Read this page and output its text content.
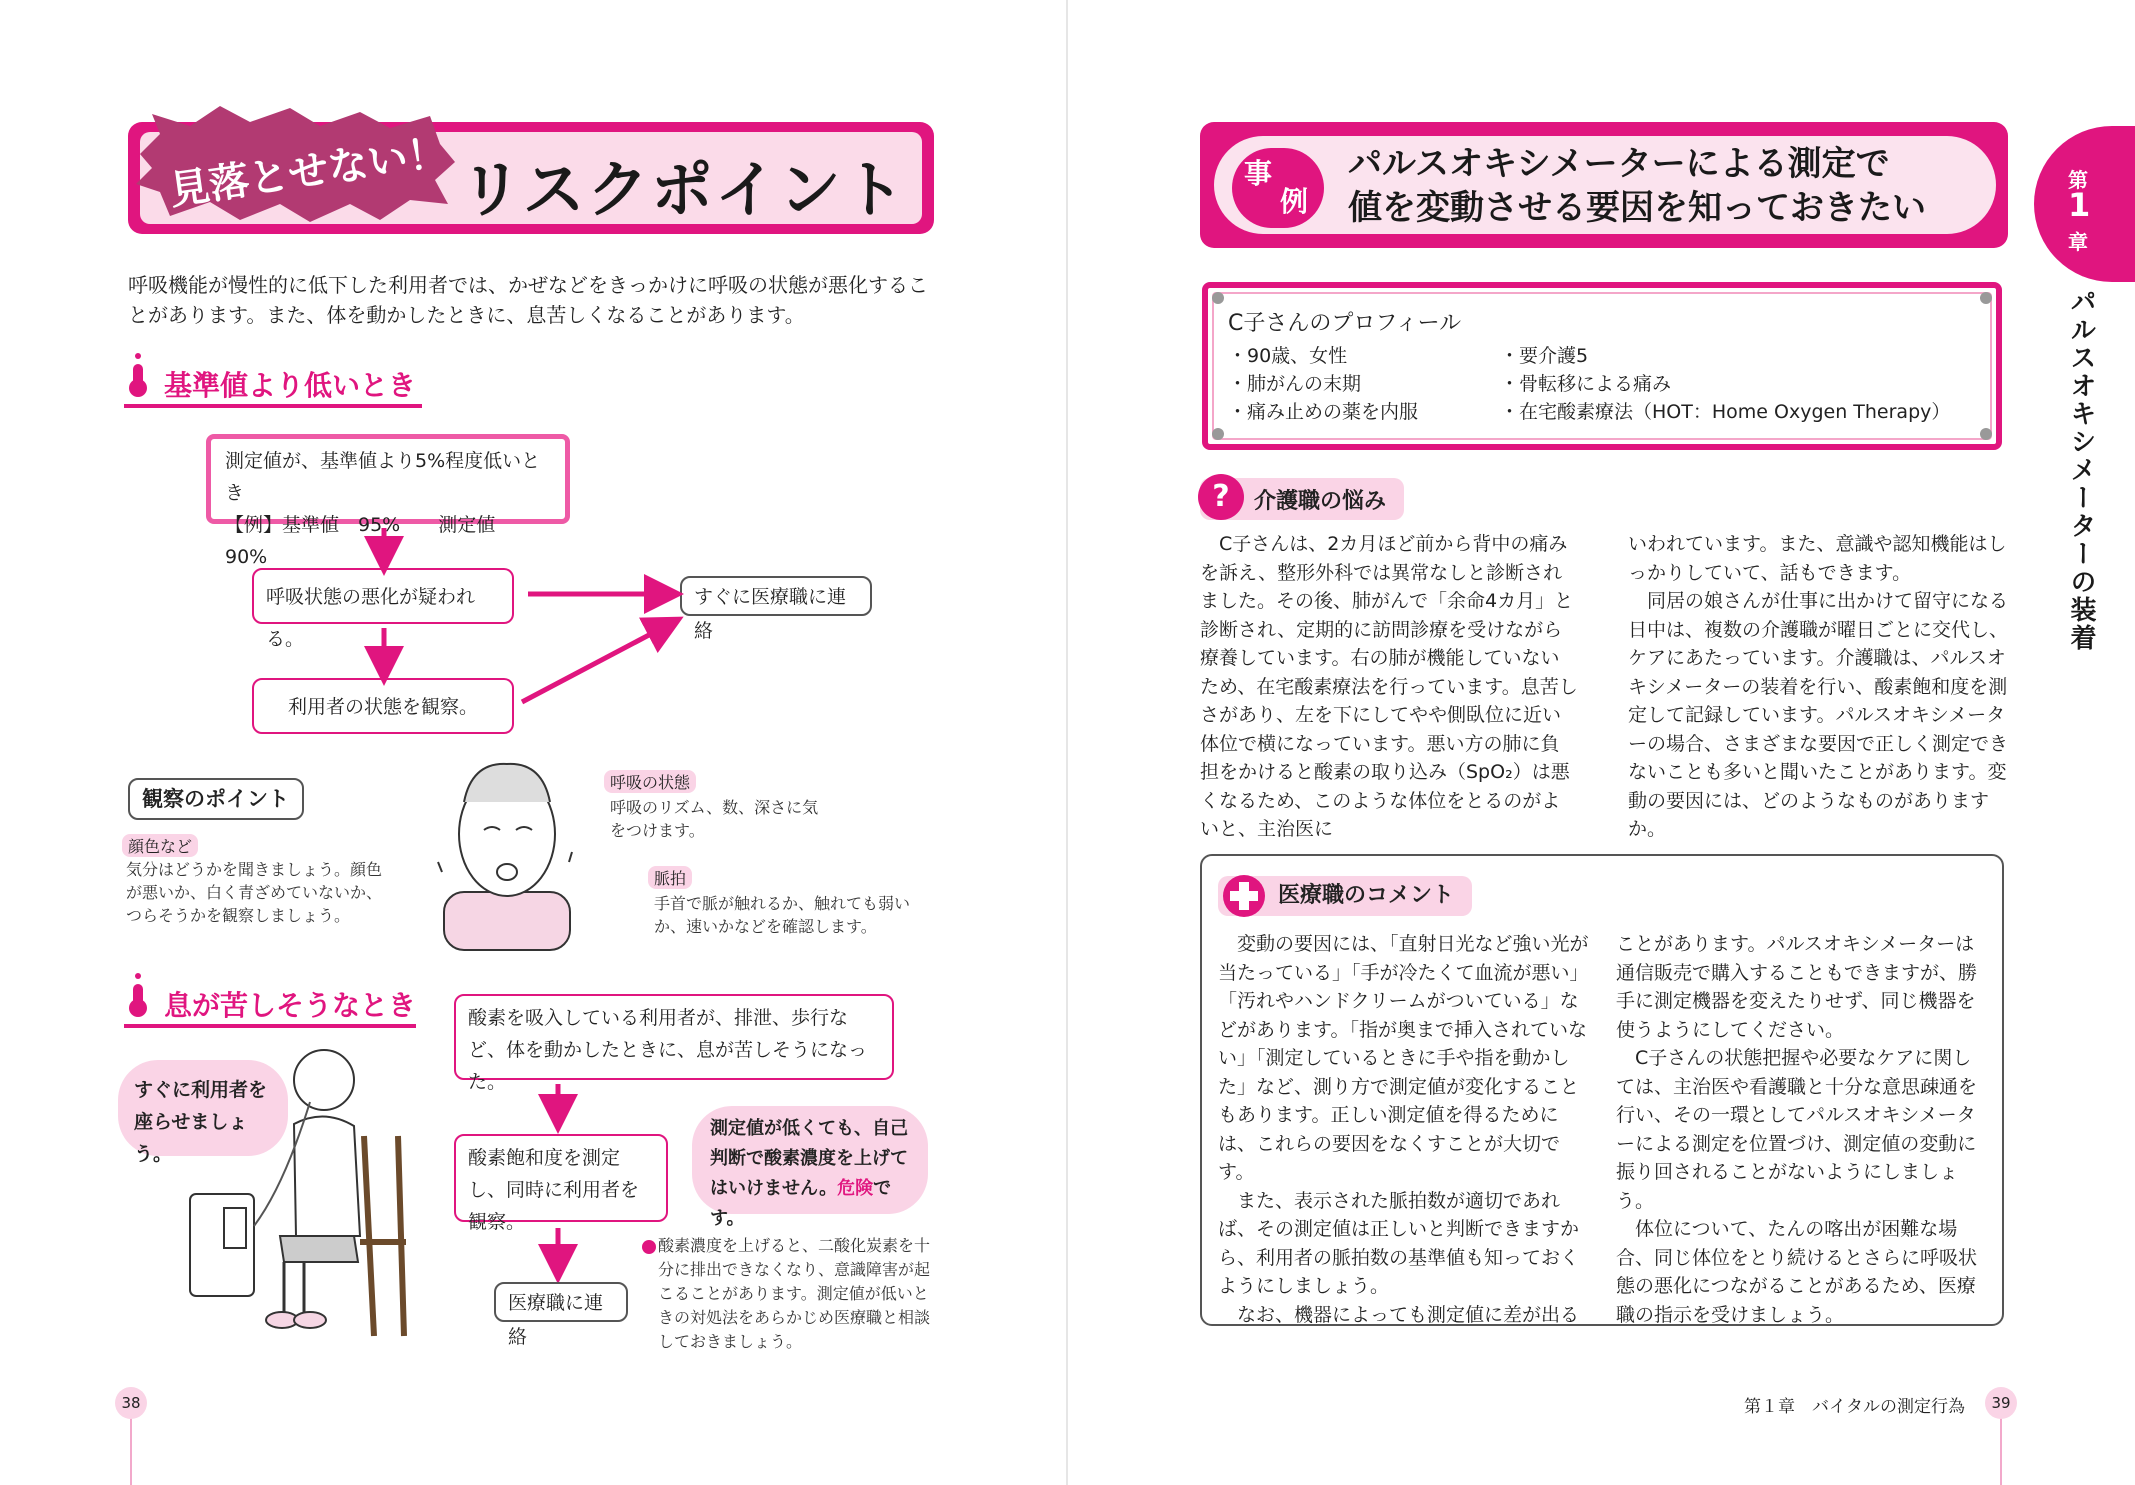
見落とせない！ リスクポイント
呼吸機能が慢性的に低下した利用者では、かぜなどをきっかけに呼吸の状態が悪化することがあります。また、体を動かしたときに、息苦しくなることがあります。
基準値より低いとき
測定値が、基準値より5%程度低いとき
【例】基準値　95%　　測定値　90%
呼吸状態の悪化が疑われる。
利用者の状態を観察。
すぐに医療職に連絡
観察のポイント
顔色など
気分はどうかを聞きましょう。顔色が悪いか、白く青ざめていないか、つらそうかを観察しましょう。
呼吸の状態
呼吸のリズム、数、深さに気をつけます。
脈拍
手首で脈が触れるか、触れても弱いか、速いかなどを確認します。
息が苦しそうなとき	酸素を吸入している利用者が、排泄、歩行など、体を動かしたときに、息が苦しそうになった。
酸素飽和度を測定し、同時に利用者を観察。
医療職に連絡
すぐに利用者を座らせましょう。
測定値が低くても、自己判断で酸素濃度を上げてはいけません。危険です。
酸素濃度を上げると、二酸化炭素を十分に排出できなくなり、意識障害が起こることがあります。測定値が低いときの対処法をあらかじめ医療職と相談しておきましょう。
38
事
例
パルスオキシメーターによる測定で
値を変動させる要因を知っておきたい
第
1
章
パルスオキシメーターの装着
C子さんのプロフィール
・90歳、女性
・肺がんの末期
・痛み止めの薬を内服
・要介護5
・骨転移による痛み
・在宅酸素療法（HOT：Home Oxygen Therapy）
?	介護職の悩み
　C子さんは、2カ月ほど前から背中の痛みを訴え、整形外科では異常なしと診断されました。その後、肺がんで「余命4カ月」と診断され、定期的に訪問診療を受けながら療養しています。右の肺が機能していないため、在宅酸素療法を行っています。息苦しさがあり、左を下にしてやや側臥位に近い体位で横になっています。悪い方の肺に負担をかけると酸素の取り込み（SpO₂）は悪くなるため、このような体位をとるのがよいと、主治医に
いわれています。また、意識や認知機能はしっかりしていて、話もできます。
　同居の娘さんが仕事に出かけて留守になる日中は、複数の介護職が曜日ごとに交代し、ケアにあたっています。介護職は、パルスオキシメーターの装着を行い、酸素飽和度を測定して記録しています。パルスオキシメーターの場合、さまざまな要因で正しく測定できないことも多いと聞いたことがあります。変動の要因には、どのようなものがありますか。
医療職のコメント
　変動の要因には、「直射日光など強い光が当たっている」「手が冷たくて血流が悪い」「汚れやハンドクリームがついている」などがあります。「指が奥まで挿入されていない」「測定しているときに手や指を動かした」など、測り方で測定値が変化することもあります。正しい測定値を得るためには、これらの要因をなくすことが大切です。
　また、表示された脈拍数が適切であれば、その測定値は正しいと判断できますから、利用者の脈拍数の基準値も知っておくようにしましょう。
　なお、機器によっても測定値に差が出る
ことがあります。パルスオキシメーターは通信販売で購入することもできますが、勝手に測定機器を変えたりせず、同じ機器を使うようにしてください。
　C子さんの状態把握や必要なケアに関しては、主治医や看護職と十分な意思疎通を行い、その一環としてパルスオキシメーターによる測定を位置づけ、測定値の変動に振り回されることがないようにしましょう。
　体位について、たんの喀出が困難な場合、同じ体位をとり続けるとさらに呼吸状態の悪化につながることがあるため、医療職の指示を受けましょう。
第１章　バイタルの測定行為	39
